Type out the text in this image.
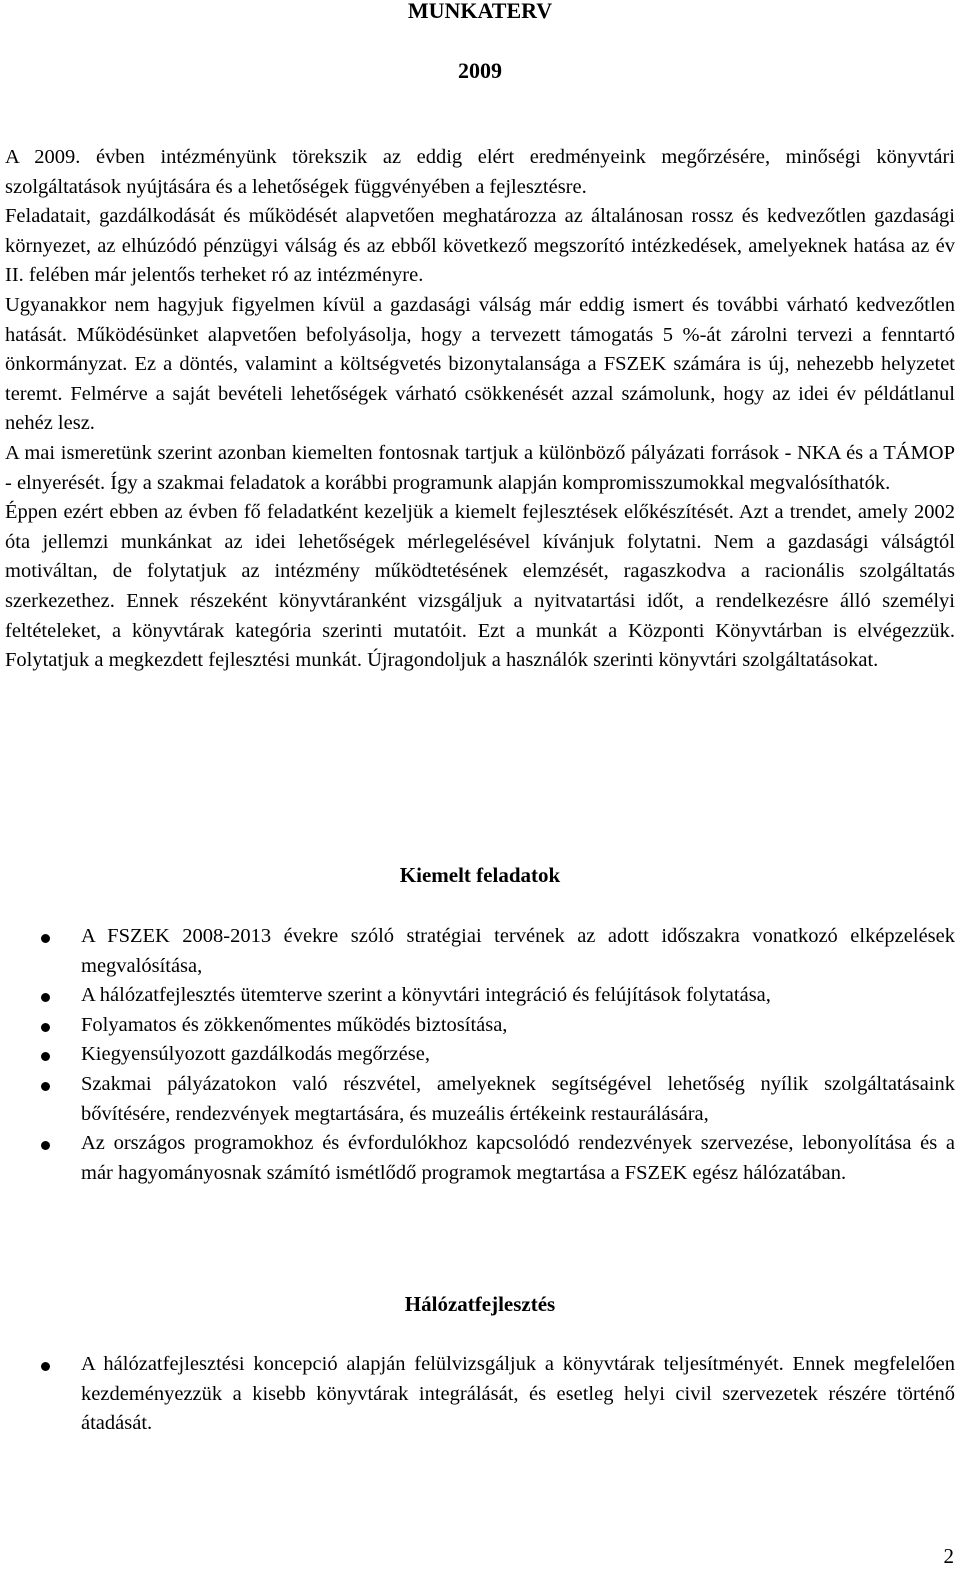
MUNKATERV
2009

A 2009. évben intézményünk törekszik az eddig elért eredményeink megőrzésére, minőségi könyvtári szolgáltatások nyújtására és a lehetőségek függvényében a fejlesztésre.

Feladatait, gazdálkodását és működését alapvetően meghatározza az általánosan rossz és kedvezőtlen gazdasági környezet, az elhúzódó pénzügyi válság és az ebből következő megszorító intézkedések, amelyeknek hatása az év II. felében már jelentős terheket ró az intézményre.

Ugyanakkor nem hagyjuk figyelmen kívül a gazdasági válság már eddig ismert és további várható kedvezőtlen hatását. Működésünket alapvetően befolyásolja, hogy a tervezett támogatás 5 %-át zárolni tervezi a fenntartó önkormányzat. Ez a döntés, valamint a költségvetés bizonytalansága a FSZEK számára is új, nehezebb helyzetet teremt. Felmérve a saját bevételi lehetőségek várható csökkenését azzal számolunk, hogy az idei év példátlanul nehéz lesz.

A mai ismeretünk szerint azonban kiemelten fontosnak tartjuk a különböző pályázati források - NKA és a TÁMOP - elnyerését. Így a szakmai feladatok a korábbi programunk alapján kompromisszumokkal megvalósíthatók.

Éppen ezért ebben az évben fő feladatként kezeljük a kiemelt fejlesztések előkészítését. Azt a trendet, amely 2002 óta jellemzi munkánkat az idei lehetőségek mérlegelésével kívánjuk folytatni. Nem a gazdasági válságtól motiváltan, de folytatjuk az intézmény működtetésének elemzését, ragaszkodva a racionális szolgáltatás szerkezethez. Ennek részeként könyvtáranként vizsgáljuk a nyitvatartási időt, a rendelkezésre álló személyi feltételeket, a könyvtárak kategória szerinti mutatóit. Ezt a munkát a Központi Könyvtárban is elvégezzük. Folytatjuk a megkezdett fejlesztési munkát. Újragondoljuk a használók szerinti könyvtári szolgáltatásokat.

Kiemelt feladatok
A FSZEK 2008-2013 évekre szóló stratégiai tervének az adott időszakra vonatkozó elképzelések megvalósítása,
A hálózatfejlesztés ütemterve szerint a könyvtári integráció és felújítások folytatása,
Folyamatos és zökkenőmentes működés biztosítása,
Kiegyensúlyozott gazdálkodás megőrzése,
Szakmai pályázatokon való részvétel, amelyeknek segítségével lehetőség nyílik szolgáltatásaink bővítésére, rendezvények megtartására, és muzeális értékeink restaurálására,
Az országos programokhoz és évfordulókhoz kapcsolódó rendezvények szervezése, lebonyolítása és a már hagyományosnak számító ismétlődő programok megtartása a FSZEK egész hálózatában.
Hálózatfejlesztés
A hálózatfejlesztési koncepció alapján felülvizsgáljuk a könyvtárak teljesítményét. Ennek megfelelően kezdeményezzük a kisebb könyvtárak integrálását, és esetleg helyi civil szervezetek részére történő átadását.
2
